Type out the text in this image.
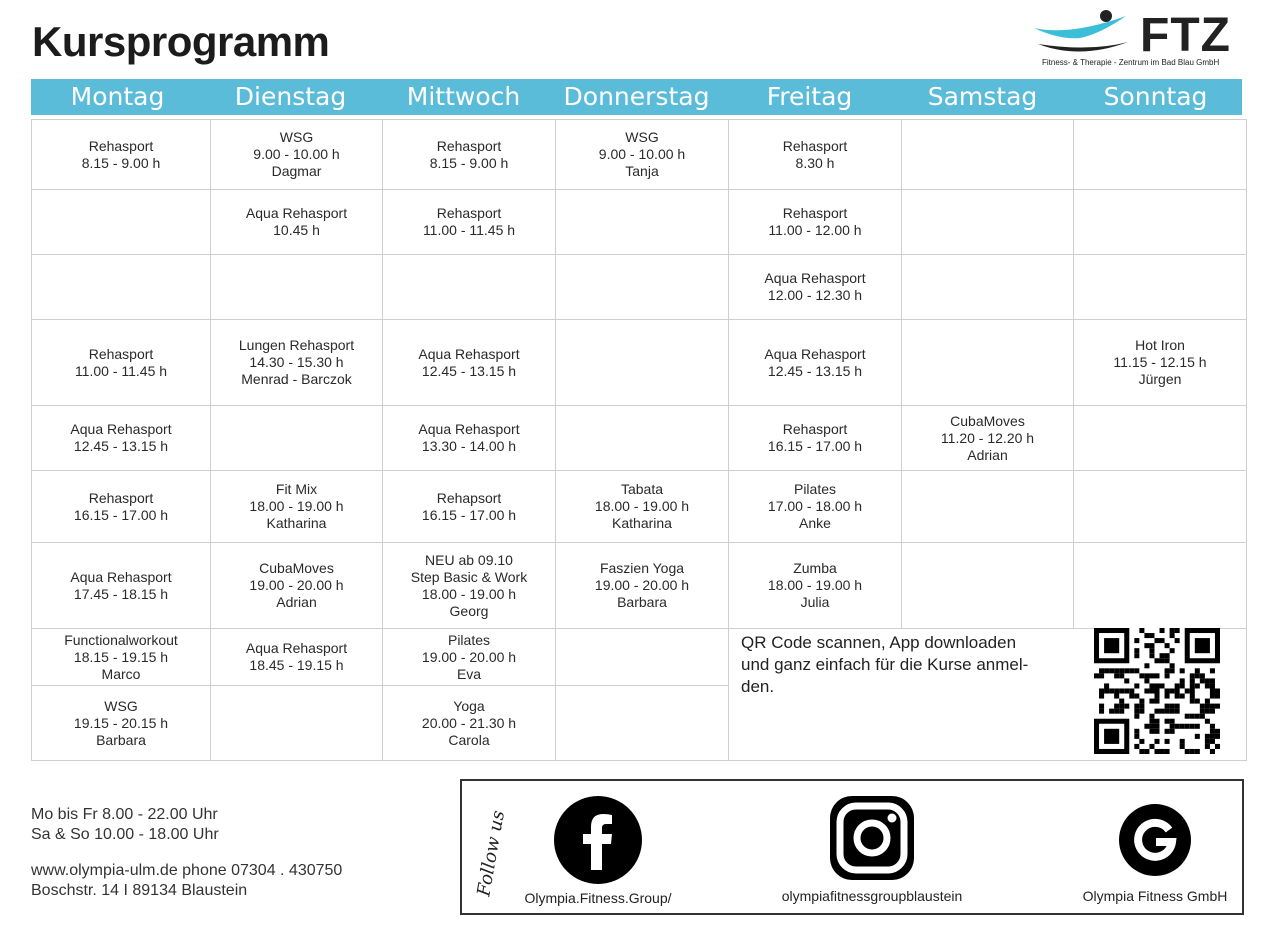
Kursprogramm	FTZ
Fitness- & Therapie - Zentrum im Bad Blau GmbH
Montag	Dienstag	Mittwoch	Donnerstag	Freitag	Samstag	Sonntag
Rehasport
8.15 - 9.00 h	WSG
9.00 - 10.00 h
Dagmar	Rehasport
8.15 - 9.00 h	WSG
9.00 - 10.00 h
Tanja	Rehasport
8.30 h		

	Aqua Rehasport
10.45 h	Rehasport
11.00 - 11.45 h		Rehasport
11.00 - 12.00 h		

				Aqua Rehasport
12.00 - 12.30 h		

Rehasport
11.00 - 11.45 h	Lungen Rehasport
14.30 - 15.30 h
Menrad - Barczok	Aqua Rehasport
12.45 - 13.15 h		Aqua Rehasport
12.45 - 13.15 h		Hot Iron
11.15 - 12.15 h
Jürgen

Aqua Rehasport
12.45 - 13.15 h		Aqua Rehasport
13.30 - 14.00 h		Rehasport
16.15 - 17.00 h	CubaMoves
11.20 - 12.20 h
Adrian	

Rehasport
16.15 - 17.00 h	Fit Mix
18.00 - 19.00 h
Katharina	Rehapsort
16.15 - 17.00 h	Tabata
18.00 - 19.00 h
Katharina	Pilates
17.00 - 18.00 h
Anke		

Aqua Rehasport
17.45 - 18.15 h	CubaMoves
19.00 - 20.00 h
Adrian	NEU ab 09.10
Step Basic & Work
18.00 - 19.00 h
Georg	Faszien Yoga
19.00 - 20.00 h
Barbara	Zumba
18.00 - 19.00 h
Julia		

Functionalworkout
18.15 - 19.15 h
Marco	Aqua Rehasport
18.45 - 19.15 h	Pilates
19.00 - 20.00 h
Eva				

WSG
19.15 - 20.15 h
Barbara		Yoga
20.00 - 21.30 h
Carola				

QR Code scannen, App downloaden
und ganz einfach für die Kurse anmel-
den.
Mo bis Fr 8.00 - 22.00 Uhr
Sa & So 10.00 - 18.00 Uhr
www.olympia-ulm.de phone 07304 . 430750
Boschstr. 14 I 89134 Blaustein	Follow us
Olympia.Fitness.Group/	olympiafitnessgroupblaustein	Olympia Fitness GmbH
